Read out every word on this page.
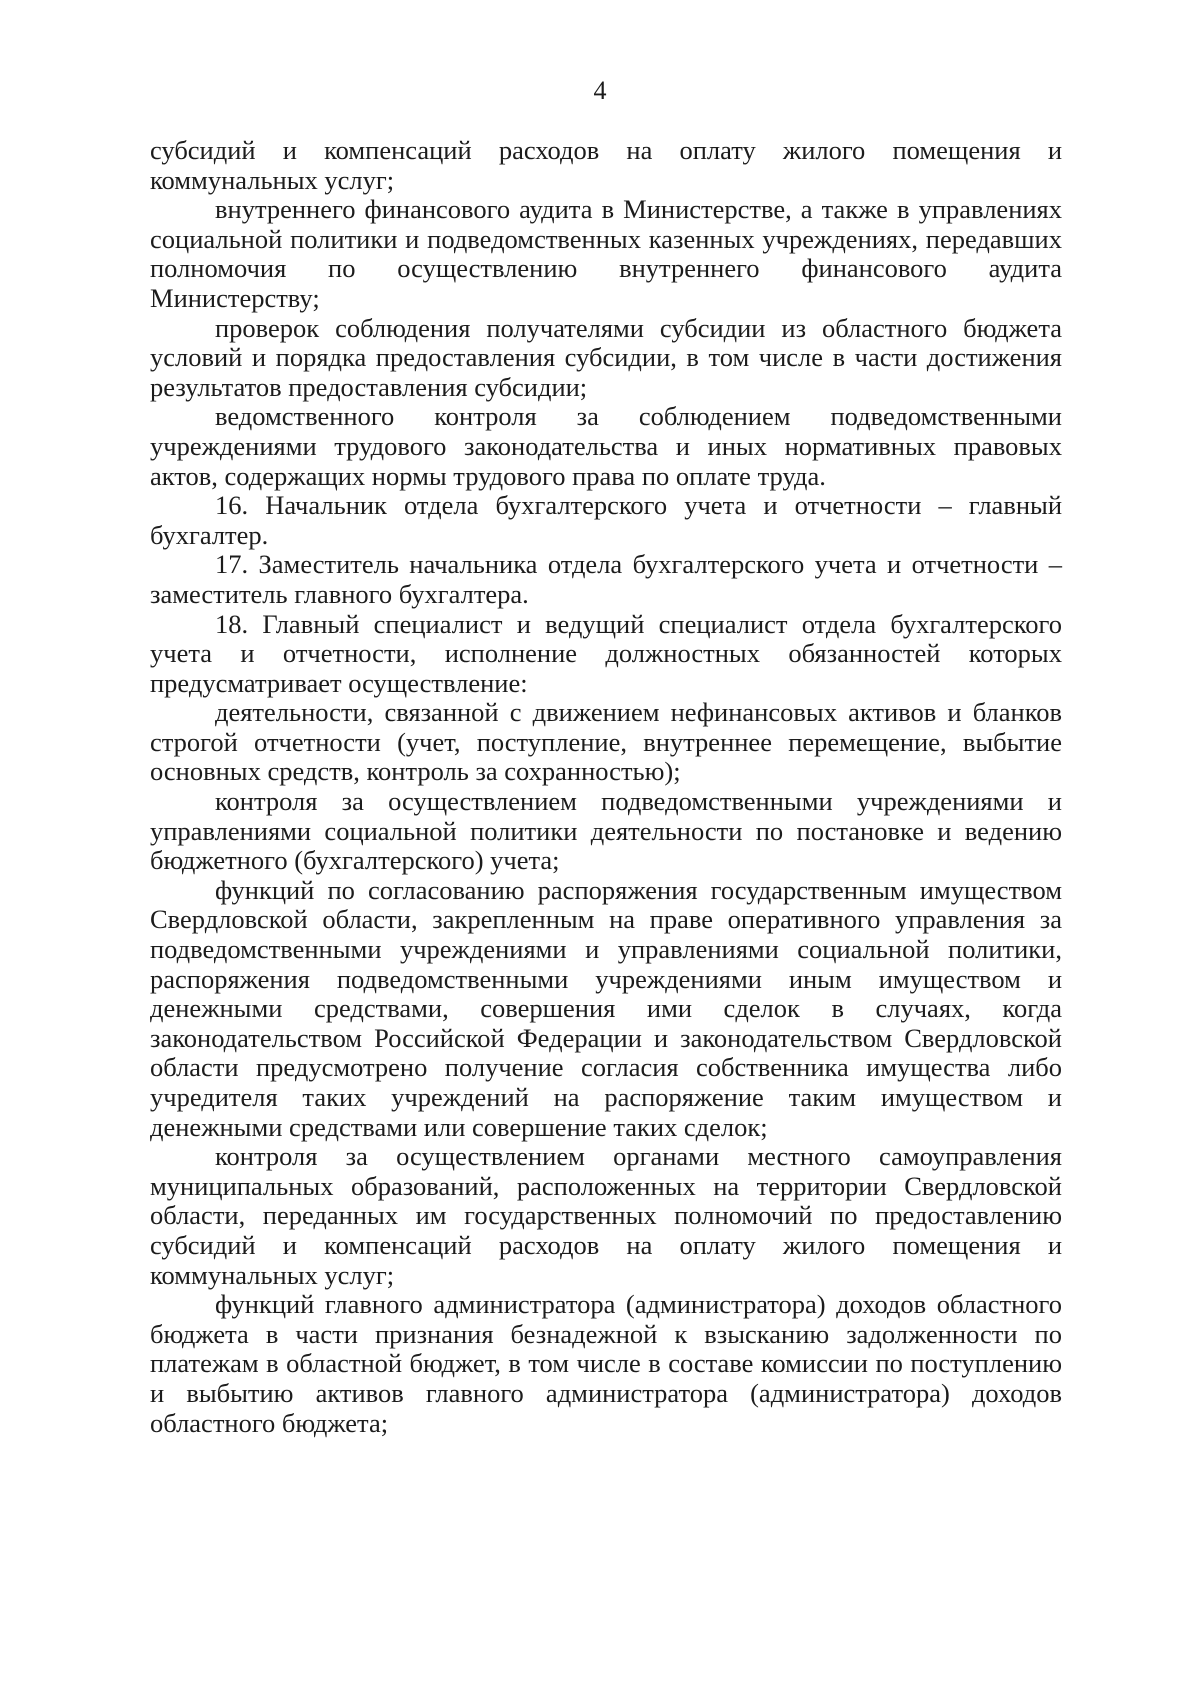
4

субсидий и компенсаций расходов на оплату жилого помещения и коммунальных услуг;

внутреннего финансового аудита в Министерстве, а также в управлениях социальной политики и подведомственных казенных учреждениях, передавших полномочия по осуществлению внутреннего финансового аудита Министерству;

проверок соблюдения получателями субсидии из областного бюджета условий и порядка предоставления субсидии, в том числе в части достижения результатов предоставления субсидии;

ведомственного контроля за соблюдением подведомственными учреждениями трудового законодательства и иных нормативных правовых актов, содержащих нормы трудового права по оплате труда.

16. Начальник отдела бухгалтерского учета и отчетности – главный бухгалтер.

17. Заместитель начальника отдела бухгалтерского учета и отчетности – заместитель главного бухгалтера.

18. Главный специалист и ведущий специалист отдела бухгалтерского учета и отчетности, исполнение должностных обязанностей которых предусматривает осуществление:

деятельности, связанной с движением нефинансовых активов и бланков строгой отчетности (учет, поступление, внутреннее перемещение, выбытие основных средств, контроль за сохранностью);

контроля за осуществлением подведомственными учреждениями и управлениями социальной политики деятельности по постановке и ведению бюджетного (бухгалтерского) учета;

функций по согласованию распоряжения государственным имуществом Свердловской области, закрепленным на праве оперативного управления за подведомственными учреждениями и управлениями социальной политики, распоряжения подведомственными учреждениями иным имуществом и денежными средствами, совершения ими сделок в случаях, когда законодательством Российской Федерации и законодательством Свердловской области предусмотрено получение согласия собственника имущества либо учредителя таких учреждений на распоряжение таким имуществом и денежными средствами или совершение таких сделок;

контроля за осуществлением органами местного самоуправления муниципальных образований, расположенных на территории Свердловской области, переданных им государственных полномочий по предоставлению субсидий и компенсаций расходов на оплату жилого помещения и коммунальных услуг;

функций главного администратора (администратора) доходов областного бюджета в части признания безнадежной к взысканию задолженности по платежам в областной бюджет, в том числе в составе комиссии по поступлению и выбытию активов главного администратора (администратора) доходов областного бюджета;
